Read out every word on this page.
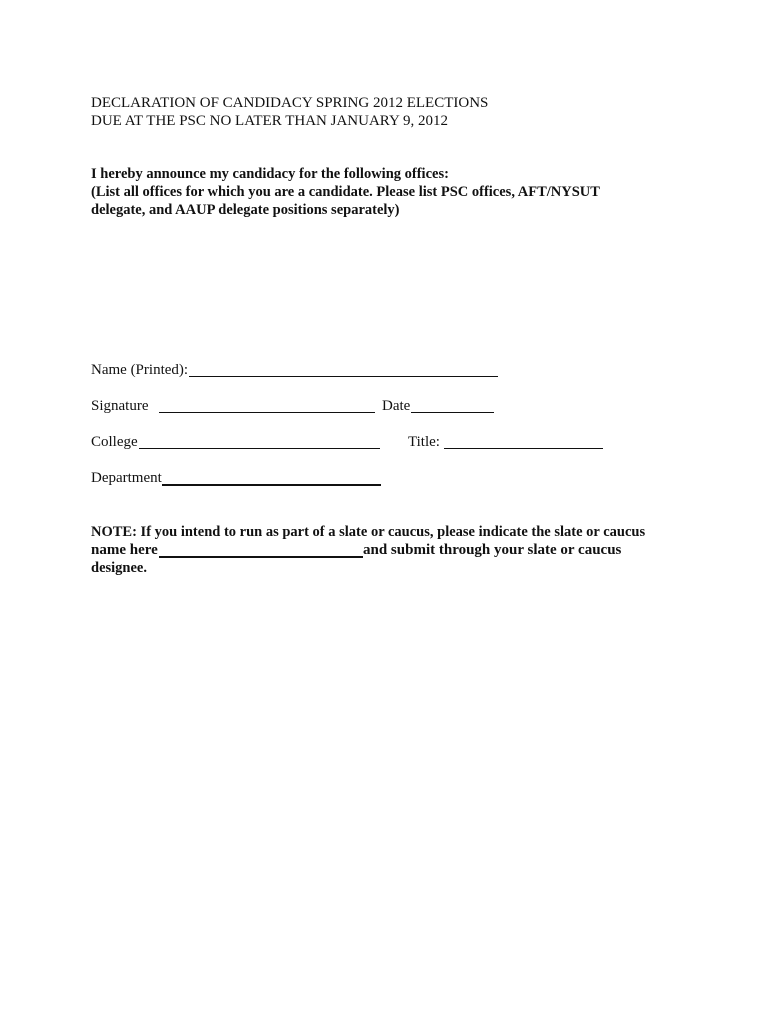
DECLARATION OF CANDIDACY SPRING 2012 ELECTIONS
DUE AT THE PSC NO LATER THAN JANUARY 9, 2012
I hereby announce my candidacy for the following offices:
(List all offices for which you are a candidate. Please list PSC offices, AFT/NYSUT
delegate, and AAUP delegate positions separately)
Name (Printed):
Signature	Date
College	Title:
Department
NOTE: If you intend to run as part of a slate or caucus, please indicate the slate or caucus
name here	and submit through your slate or caucus
designee.
